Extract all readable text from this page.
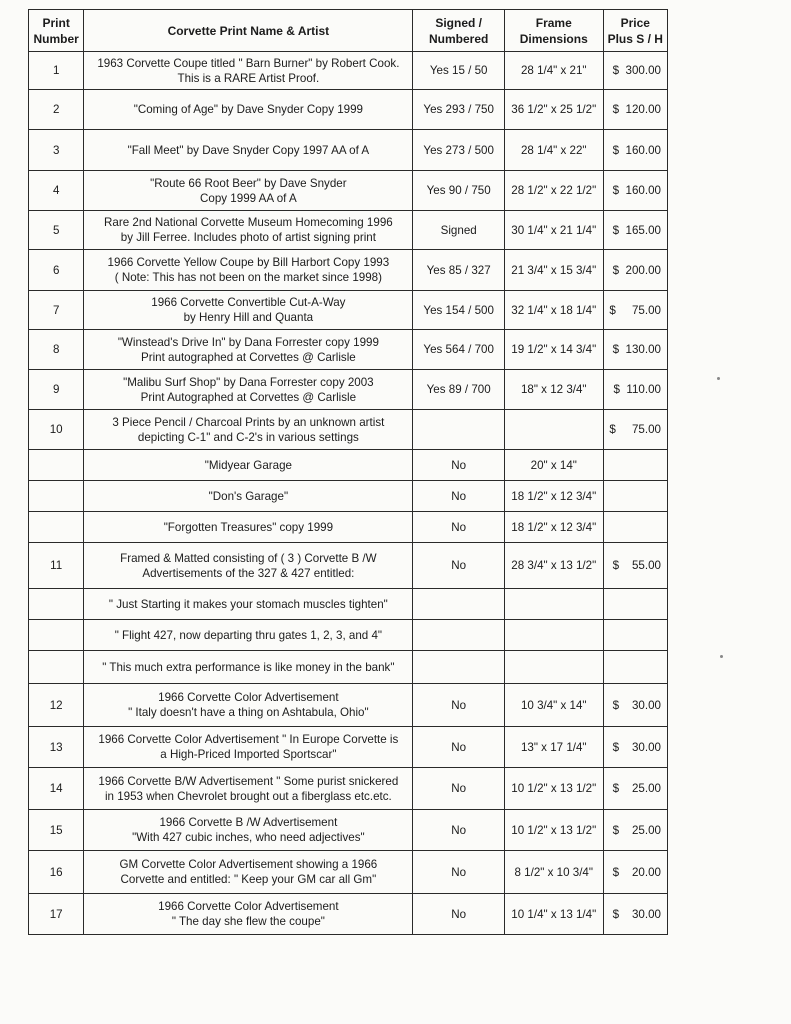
Print
Number	Corvette Print Name & Artist	Signed /
Numbered	Frame
Dimensions	Price
Plus S / H
1	1963 Corvette Coupe titled " Barn Burner" by Robert Cook.
This is a RARE Artist Proof.	Yes 15 / 50	28 1/4" x 21"	$  300.00
2	"Coming of Age" by Dave Snyder Copy 1999	Yes 293 / 750	36 1/2" x 25 1/2"	$  120.00
3	"Fall Meet" by Dave Snyder Copy 1997 AA of A	Yes 273 / 500	28 1/4" x 22"	$  160.00
4	"Route 66 Root Beer" by Dave Snyder
Copy 1999 AA of A	Yes 90 / 750	28 1/2" x 22 1/2"	$  160.00
5	Rare 2nd National Corvette Museum Homecoming 1996
by Jill Ferree. Includes photo of artist signing print	Signed	30 1/4" x 21 1/4"	$  165.00
6	1966 Corvette Yellow Coupe by Bill Harbort Copy 1993
( Note: This has not been on the market since 1998)	Yes 85 / 327	21 3/4" x 15 3/4"	$  200.00
7	1966 Corvette Convertible Cut-A-Way
by Henry Hill and Quanta	Yes 154 / 500	32 1/4" x 18 1/4"	$     75.00
8	"Winstead's Drive In" by Dana Forrester copy 1999
Print autographed at Corvettes @ Carlisle	Yes 564 / 700	19 1/2" x 14 3/4"	$  130.00
9	"Malibu Surf Shop" by Dana Forrester copy 2003
Print Autographed at Corvettes @ Carlisle	Yes 89 / 700	18" x 12 3/4"	$  110.00
10	3 Piece Pencil / Charcoal Prints by an unknown artist
depicting C-1" and C-2's in various settings			$     75.00
	"Midyear Garage	No	20" x 14"	
	"Don's Garage"	No	18 1/2" x 12 3/4"	
	"Forgotten Treasures" copy 1999	No	18 1/2" x 12 3/4"	
11	Framed & Matted consisting of ( 3 ) Corvette B /W
Advertisements of the 327 & 427 entitled:	No	28 3/4" x 13 1/2"	$    55.00
	" Just Starting it makes your stomach muscles tighten"			
	" Flight 427, now departing thru gates 1, 2, 3, and 4"			
	" This much extra performance is like money in the bank"			
12	1966 Corvette Color Advertisement
" Italy doesn't have a thing on Ashtabula, Ohio"	No	10 3/4" x 14"	$    30.00
13	1966 Corvette Color Advertisement " In Europe Corvette is
a High-Priced Imported Sportscar"	No	13" x 17 1/4"	$    30.00
14	1966 Corvette B/W Advertisement " Some purist snickered
in 1953 when Chevrolet brought out a fiberglass etc.etc.	No	10 1/2" x 13 1/2"	$    25.00
15	1966 Corvette B /W Advertisement
"With 427 cubic inches, who need adjectives"	No	10 1/2" x 13 1/2"	$    25.00
16	GM Corvette Color Advertisement showing a 1966
Corvette and entitled: " Keep your GM car all Gm"	No	8 1/2" x 10 3/4"	$    20.00
17	1966 Corvette Color Advertisement
" The day she flew the coupe"	No	10 1/4" x 13 1/4"	$    30.00
